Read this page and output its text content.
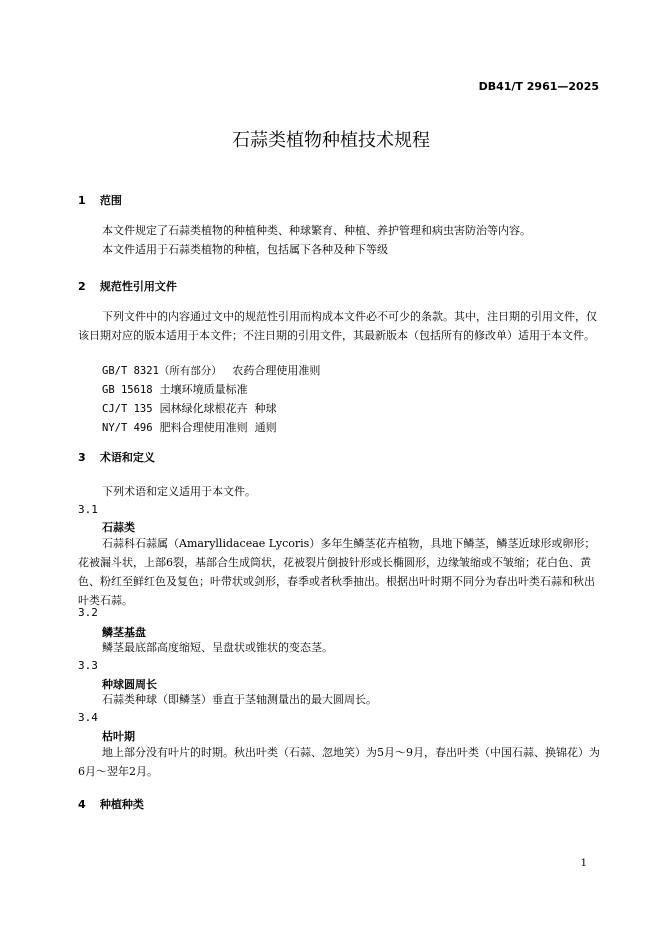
DB41/T 2961—2025
石蒜类植物种植技术规程
1 范围
本文件规定了石蒜类植物的种植种类、种球繁育、种植、养护管理和病虫害防治等内容。
本文件适用于石蒜类植物的种植，包括属下各种及种下等级
2 规范性引用文件
下列文件中的内容通过文中的规范性引用而构成本文件必不可少的条款。其中，注日期的引用文件，仅该日期对应的版本适用于本文件；不注日期的引用文件，其最新版本（包括所有的修改单）适用于本文件。
GB/T 8321（所有部分） 农药合理使用准则
GB 15618 土壤环境质量标准
CJ/T 135 园林绿化球根花卉  种球
NY/T 496 肥料合理使用准则  通则
3 术语和定义
下列术语和定义适用于本文件。
3.1
石蒜类
石蒜科石蒜属（Amaryllidaceae Lycoris）多年生鳞茎花卉植物，具地下鳞茎，鳞茎近球形或卵形；花被漏斗状，上部6裂，基部合生成筒状，花被裂片倒披针形或长椭圆形，边缘皱缩或不皱缩；花白色、黄色、粉红至鲜红色及复色；叶带状或剑形，春季或者秋季抽出。根据出叶时期不同分为春出叶类石蒜和秋出叶类石蒜。
3.2
鳞茎基盘
鳞茎最底部高度缩短、呈盘状或锥状的变态茎。
3.3
种球圆周长
石蒜类种球（即鳞茎）垂直于茎轴测量出的最大圆周长。
3.4
枯叶期
地上部分没有叶片的时期。秋出叶类（石蒜、忽地笑）为5月～9月，春出叶类（中国石蒜、换锦花）为6月～翌年2月。
4 种植种类
1
